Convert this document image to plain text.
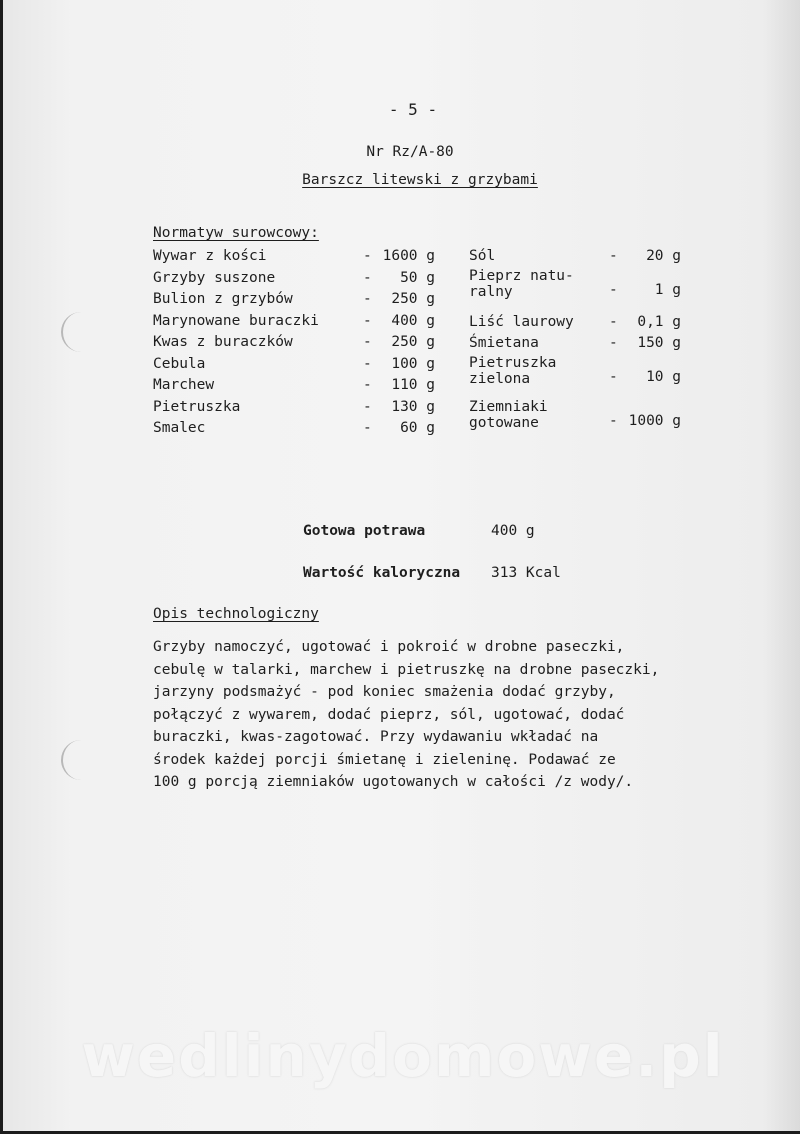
- 5 -
Nr Rz/A-80
Barszcz litewski z grzybami
Normatyw surowcowy:
Wywar z kości	- 1600 g
Grzyby suszone	- 50 g
Bulion z grzybów	- 250 g
Marynowane buraczki	- 400 g
Kwas z buraczków	- 250 g
Cebula	- 100 g
Marchew	- 110 g
Pietruszka	- 130 g
Smalec	- 60 g
Sól	- 20 g
Pieprz natu-
ralny	-	1 g
Liść laurowy - 0,1 g
Śmietana	- 150 g
Pietruszka
zielona	- 10 g
Ziemniaki
gotowane	- 1000 g
Gotowa potrawa	400 g
Wartość kaloryczna 313 Kcal
Opis technologiczny
Grzyby namoczyć, ugotować i pokroić w drobne paseczki,
cebulę w talarki, marchew i pietruszkę na drobne paseczki,
jarzyny podsmażyć - pod koniec smażenia dodać grzyby,
połączyć z wywarem, dodać pieprz, sól, ugotować, dodać
buraczki, kwas-zagotować. Przy wydawaniu wkładać na
środek każdej porcji śmietanę i zieleninę. Podawać ze
100 g porcją ziemniaków ugotowanych w całości /z wody/.
wedlinydomowe.pl
